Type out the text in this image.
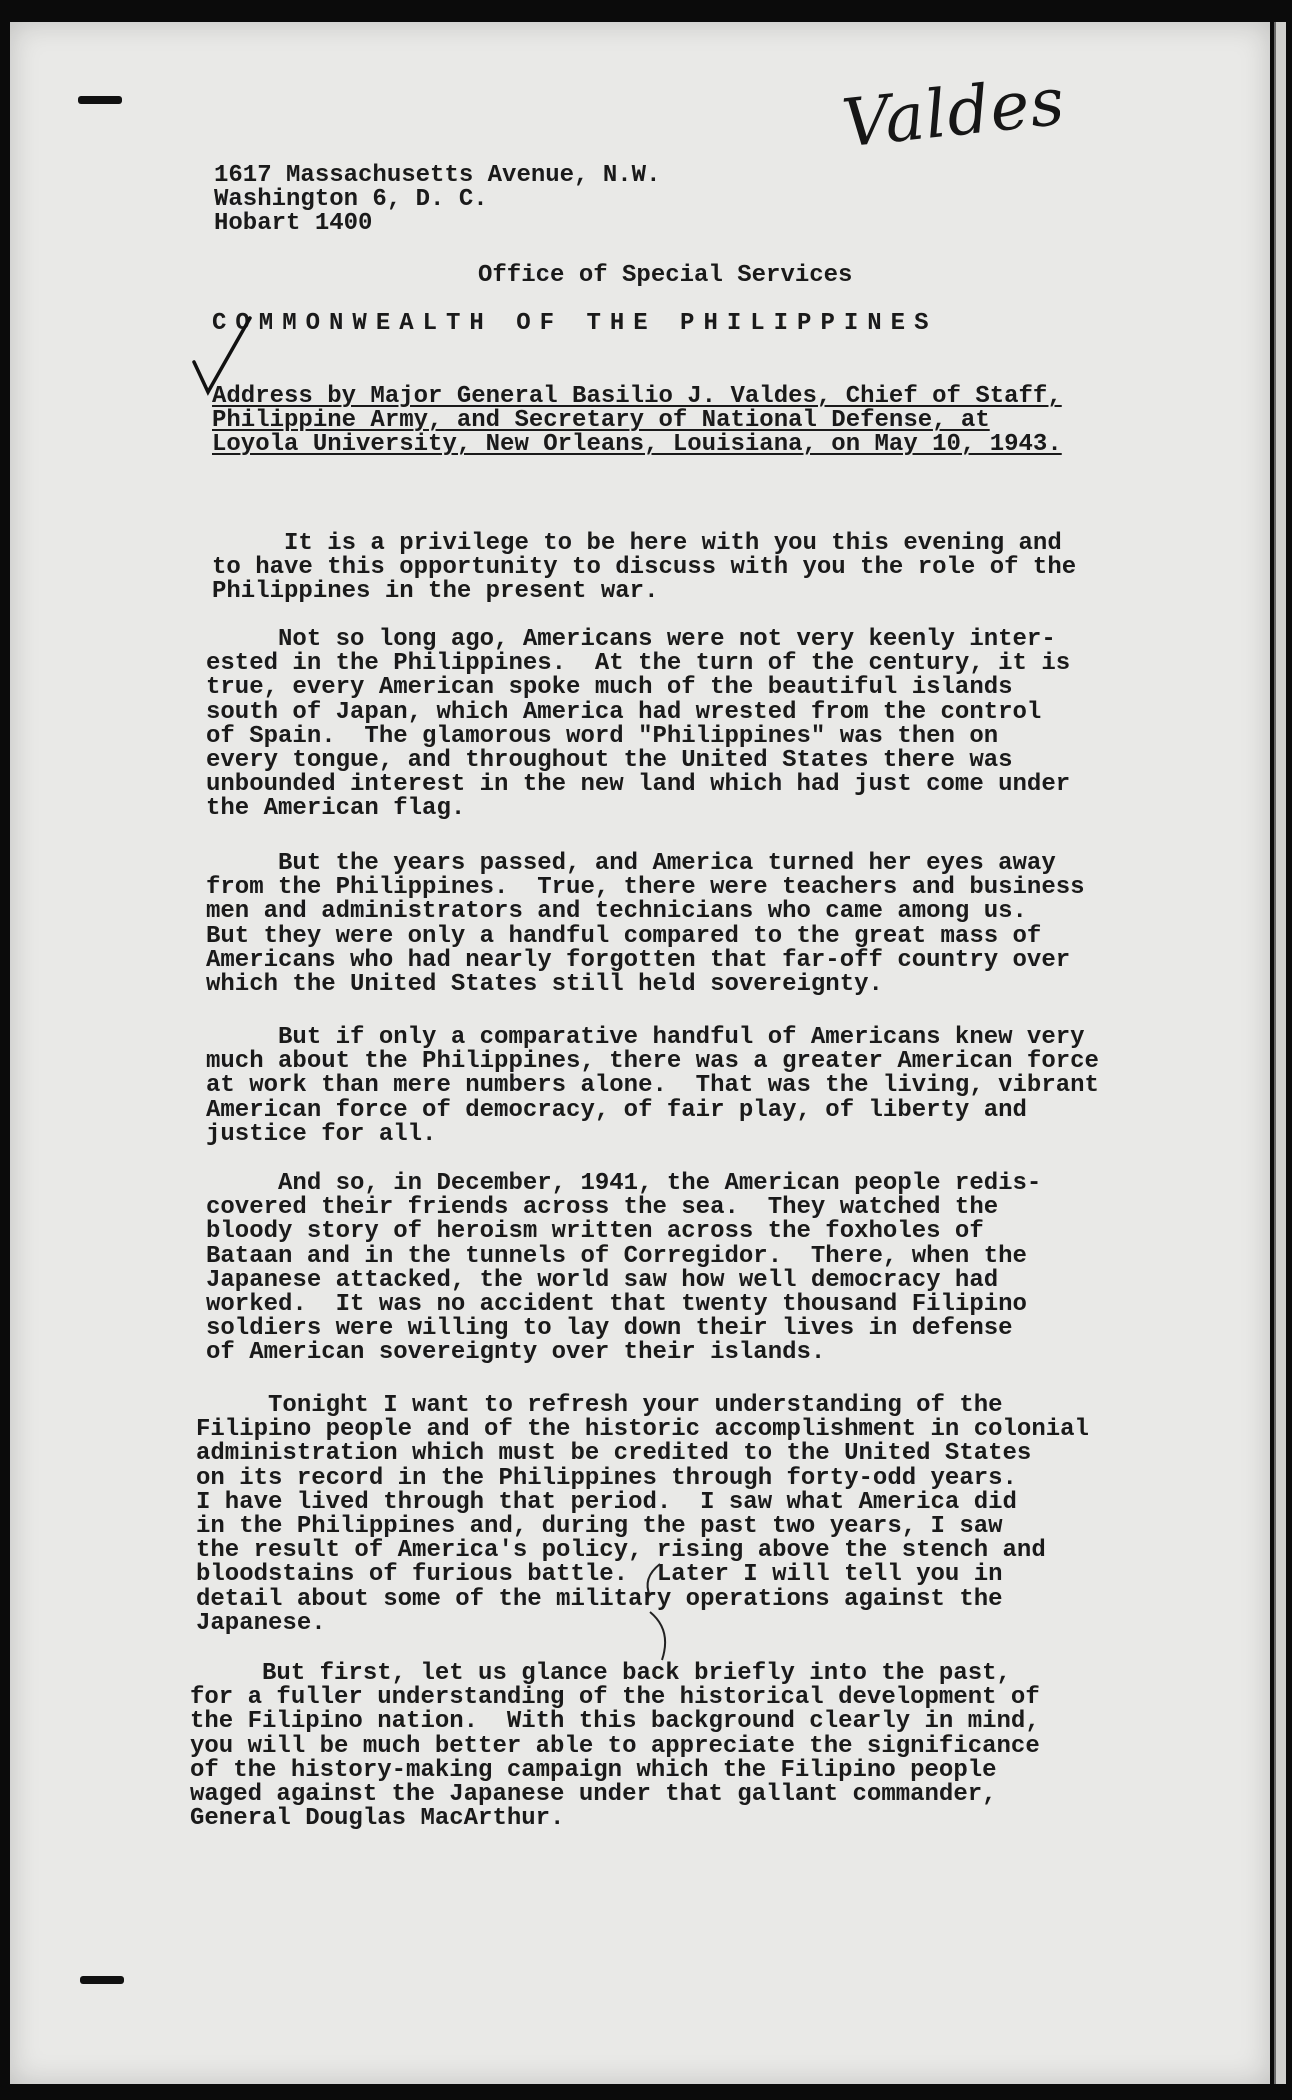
Valdes
1617 Massachusetts Avenue, N.W.
Washington 6, D. C.
Hobart 1400
Office of Special Services
COMMONWEALTH OF THE PHILIPPINES
Address by Major General Basilio J. Valdes, Chief of Staff,
Philippine Army, and Secretary of National Defense, at
Loyola University, New Orleans, Louisiana, on May 10, 1943.
It is a privilege to be here with you this evening and
to have this opportunity to discuss with you the role of the
Philippines in the present war.
Not so long ago, Americans were not very keenly inter-
ested in the Philippines.  At the turn of the century, it is
true, every American spoke much of the beautiful islands
south of Japan, which America had wrested from the control
of Spain.  The glamorous word "Philippines" was then on
every tongue, and throughout the United States there was
unbounded interest in the new land which had just come under
the American flag.
But the years passed, and America turned her eyes away
from the Philippines.  True, there were teachers and business
men and administrators and technicians who came among us.
But they were only a handful compared to the great mass of
Americans who had nearly forgotten that far-off country over
which the United States still held sovereignty.
But if only a comparative handful of Americans knew very
much about the Philippines, there was a greater American force
at work than mere numbers alone.  That was the living, vibrant
American force of democracy, of fair play, of liberty and
justice for all.
And so, in December, 1941, the American people redis-
covered their friends across the sea.  They watched the
bloody story of heroism written across the foxholes of
Bataan and in the tunnels of Corregidor.  There, when the
Japanese attacked, the world saw how well democracy had
worked.  It was no accident that twenty thousand Filipino
soldiers were willing to lay down their lives in defense
of American sovereignty over their islands.
Tonight I want to refresh your understanding of the
Filipino people and of the historic accomplishment in colonial
administration which must be credited to the United States
on its record in the Philippines through forty-odd years.
I have lived through that period.  I saw what America did
in the Philippines and, during the past two years, I saw
the result of America's policy, rising above the stench and
bloodstains of furious battle.  Later I will tell you in
detail about some of the military operations against the
Japanese.
But first, let us glance back briefly into the past,
for a fuller understanding of the historical development of
the Filipino nation.  With this background clearly in mind,
you will be much better able to appreciate the significance
of the history-making campaign which the Filipino people
waged against the Japanese under that gallant commander,
General Douglas MacArthur.
